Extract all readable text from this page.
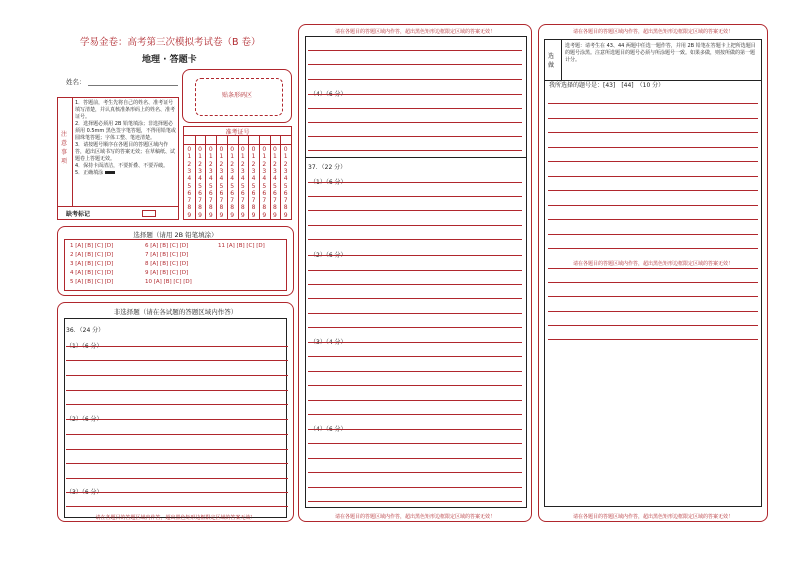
学易金卷：高考第三次模拟考试卷（B 卷）
地理 · 答题卡
姓名：
贴条形码区
注意事项
1．答题前，考生先将自己的姓名、准考证号填写清楚，并认真核准条形码上的姓名、准考证号。
2．选择题必须用 2B 铅笔填涂；非选择题必须用 0.5mm 黑色签字笔答题，不得用铅笔或圆珠笔答题；字体工整、笔迹清楚。
3．请按题号顺序在各题目的答题区域内作答，超出区域书写的答案无效；在草稿纸、试题卷上答题无效。
4．保持卡面清洁，不要折叠、不要弄破。
5．正确填涂
缺考标记
准考证号
0
1
2
3
4
5
6
7
8
9
0
1
2
3
4
5
6
7
8
9
0
1
2
3
4
5
6
7
8
9
0
1
2
3
4
5
6
7
8
9
0
1
2
3
4
5
6
7
8
9
0
1
2
3
4
5
6
7
8
9
0
1
2
3
4
5
6
7
8
9
0
1
2
3
4
5
6
7
8
9
0
1
2
3
4
5
6
7
8
9
0
1
2
3
4
5
6
7
8
9
选择题（请用 2B 铅笔填涂）
1 [A] [B] [C] [D]	6 [A] [B] [C] [D]	11 [A] [B] [C] [D]
2 [A] [B] [C] [D]	7 [A] [B] [C] [D]
3 [A] [B] [C] [D]	8 [A] [B] [C] [D]
4 [A] [B] [C] [D]	9 [A] [B] [C] [D]
5 [A] [B] [C] [D]	10 [A] [B] [C] [D]
非选择题（请在各试题的答题区域内作答）
36．（24 分）
（1）（6 分）
（2）（6 分）
（3）（6 分）
请在各题目的答题区域内作答，超出黑色矩形边框限定区域的答案无效！
请在各题目的答题区域内作答，超出黑色矩形边框限定区域的答案无效！
（4）（6 分）
37．（22 分）
（1）（6 分）
（2）（6 分）
（3）（4 分）
（4）（6 分）
请在各题目的答题区域内作答，超出黑色矩形边框限定区域的答案无效！
请在各题目的答题区域内作答，超出黑色矩形边框限定区域的答案无效！
选做
选考题：请考生在 43、44 两题中任选一题作答，并用 2B 铅笔在答题卡上把所选题目的题号涂黑。注意所选题目的题号必须与所涂题号一致。如果多做，则按所做的第一题计分。
我所选择的题号是：[43]　[44]　（10 分）
请在各题目的答题区域内作答，超出黑色矩形边框限定区域的答案无效！
请在各题目的答题区域内作答，超出黑色矩形边框限定区域的答案无效！
